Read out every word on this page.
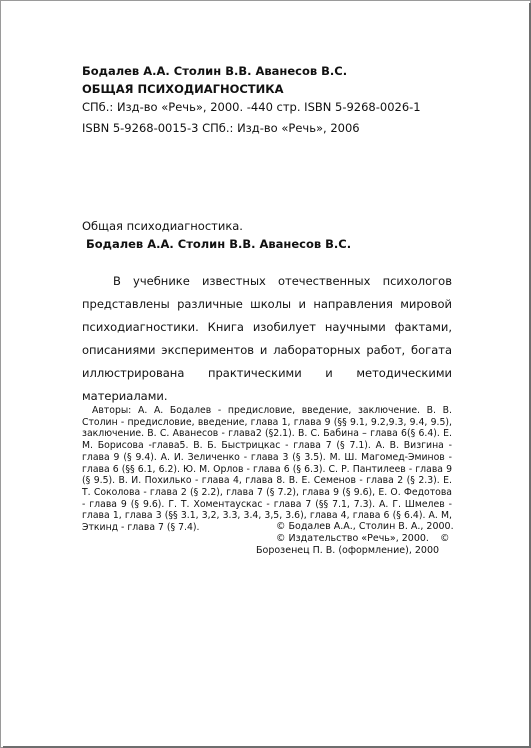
Бодалев А.А. Столин В.В. Аванесов В.С.
ОБЩАЯ ПСИХОДИАГНОСТИКА
СПб.: Изд-во «Речь», 2000. -440 стр. ISBN 5-9268-0026-1
ISBN 5-9268-0015-3 СПб.: Изд-во «Речь», 2006
Общая психодиагностика.
Бодалев А.А. Столин В.В. Аванесов В.С.

В учебнике известных отечественных психологов представлены различные школы и направления мировой психодиагностики. Книга изобилует научными фактами, описаниями экспериментов и лабораторных работ, богата иллюстрирована практическими и методическими материалами.

Авторы: А. А. Бодалев - предисловие, введение, заключение. В. В. Столин - предисловие, введение, глава 1, глава 9 (§§ 9.1, 9.2,9.3, 9.4, 9.5), заключение. В. С. Аванесов - глава2 (§2.1). В. С. Бабина – глава 6(§ 6.4). Е. М. Борисова -глава5. В. Б. Быстрицкас - глава 7 (§ 7.1). А. В. Визгина - глава 9 (§ 9.4). А. И. Зеличенко - глава 3 (§ 3.5). М. Ш. Магомед-Эминов - глава 6 (§§ 6.1, 6.2). Ю. М. Орлов - глава 6 (§ 6.3). С. Р. Пантилеев - глава 9 (§ 9.5). В. И. Похилько - глава 4, глава 8. В. Е. Семенов - глава 2 (§ 2.3). Е. Т. Соколова - глава 2 (§ 2.2), глава 7 (§ 7.2), глава 9 (§ 9.6), Е. О. Федотова - глава 9 (§ 9.6). Г. Т. Хоментаускас - глава 7 (§§ 7.1, 7.3). А. Г. Шмелев - глава 1, глава 3 (§§ 3.1, 3,2, 3.3, 3.4, 3,5, 3.6), глава 4, глава 6 (§ 6.4). А. М, Эткинд - глава 7 (§ 7.4).	© Бодалев А.А., Столин В. А., 2000.
© Издательство «Речь», 2000. ©
Борозенец П. В. (оформление), 2000
